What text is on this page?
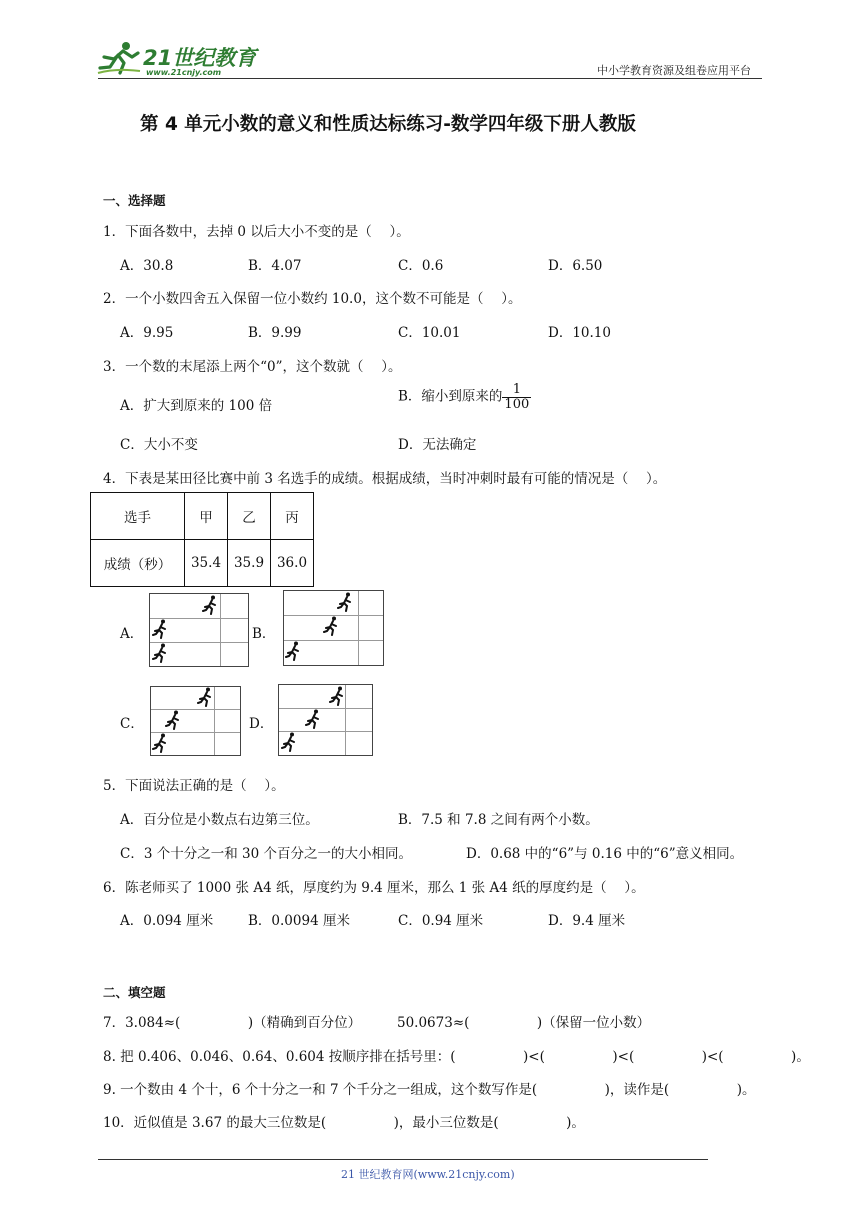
21世纪教育
www.21cnjy.com	中小学教育资源及组卷应用平台
第 4 单元小数的意义和性质达标练习-数学四年级下册人教版
一、选择题
1．下面各数中，去掉 0 以后大小不变的是（　 ）。
A．30.8	B．4.07	C．0.6	D．6.50
2．一个小数四舍五入保留一位小数约 10.0，这个数不可能是（　 ）。
A．9.95	B．9.99	C．10.01	D．10.10
3．一个数的末尾添上两个“0”，这个数就（　 ）。
A．扩大到原来的 100 倍
B．缩小到原来的 $\frac{1}{100}$
C．大小不变	D．无法确定
4．下表是某田径比赛中前 3 名选手的成绩。根据成绩，当时冲刺时最有可能的情况是（　 ）。
选手	甲	乙	丙
成绩（秒）	35.4	35.9	36.0
A．	B．
C．	D．
5．下面说法正确的是（　 ）。
A．百分位是小数点右边第三位。	B．7.5 和 7.8 之间有两个小数。
C．3 个十分之一和 30 个百分之一的大小相同。	D．0.68 中的“6”与 0.16 中的“6”意义相同。
6．陈老师买了 1000 张 A4 纸，厚度约为 9.4 厘米，那么 1 张 A4 纸的厚度约是（　 ）。
A．0.094 厘米	B．0.0094 厘米	C．0.94 厘米	D．9.4 厘米
二、填空题
7．3.084≈(　　　　　)（精确到百分位）	50.0673≈(　　　　　)（保留一位小数）
8. 把 0.406、0.046、0.64、0.604 按顺序排在括号里：(　　　　　)<(　　　　　)<(　　　　　)<(　　　　　)。
9. 一个数由 4 个十，6 个十分之一和 7 个千分之一组成，这个数写作是(　　　　　)，读作是(　　　　　)。
10．近似值是 3.67 的最大三位数是(　　　　　)，最小三位数是(　　　　　)。
21 世纪教育网(www.21cnjy.com)
